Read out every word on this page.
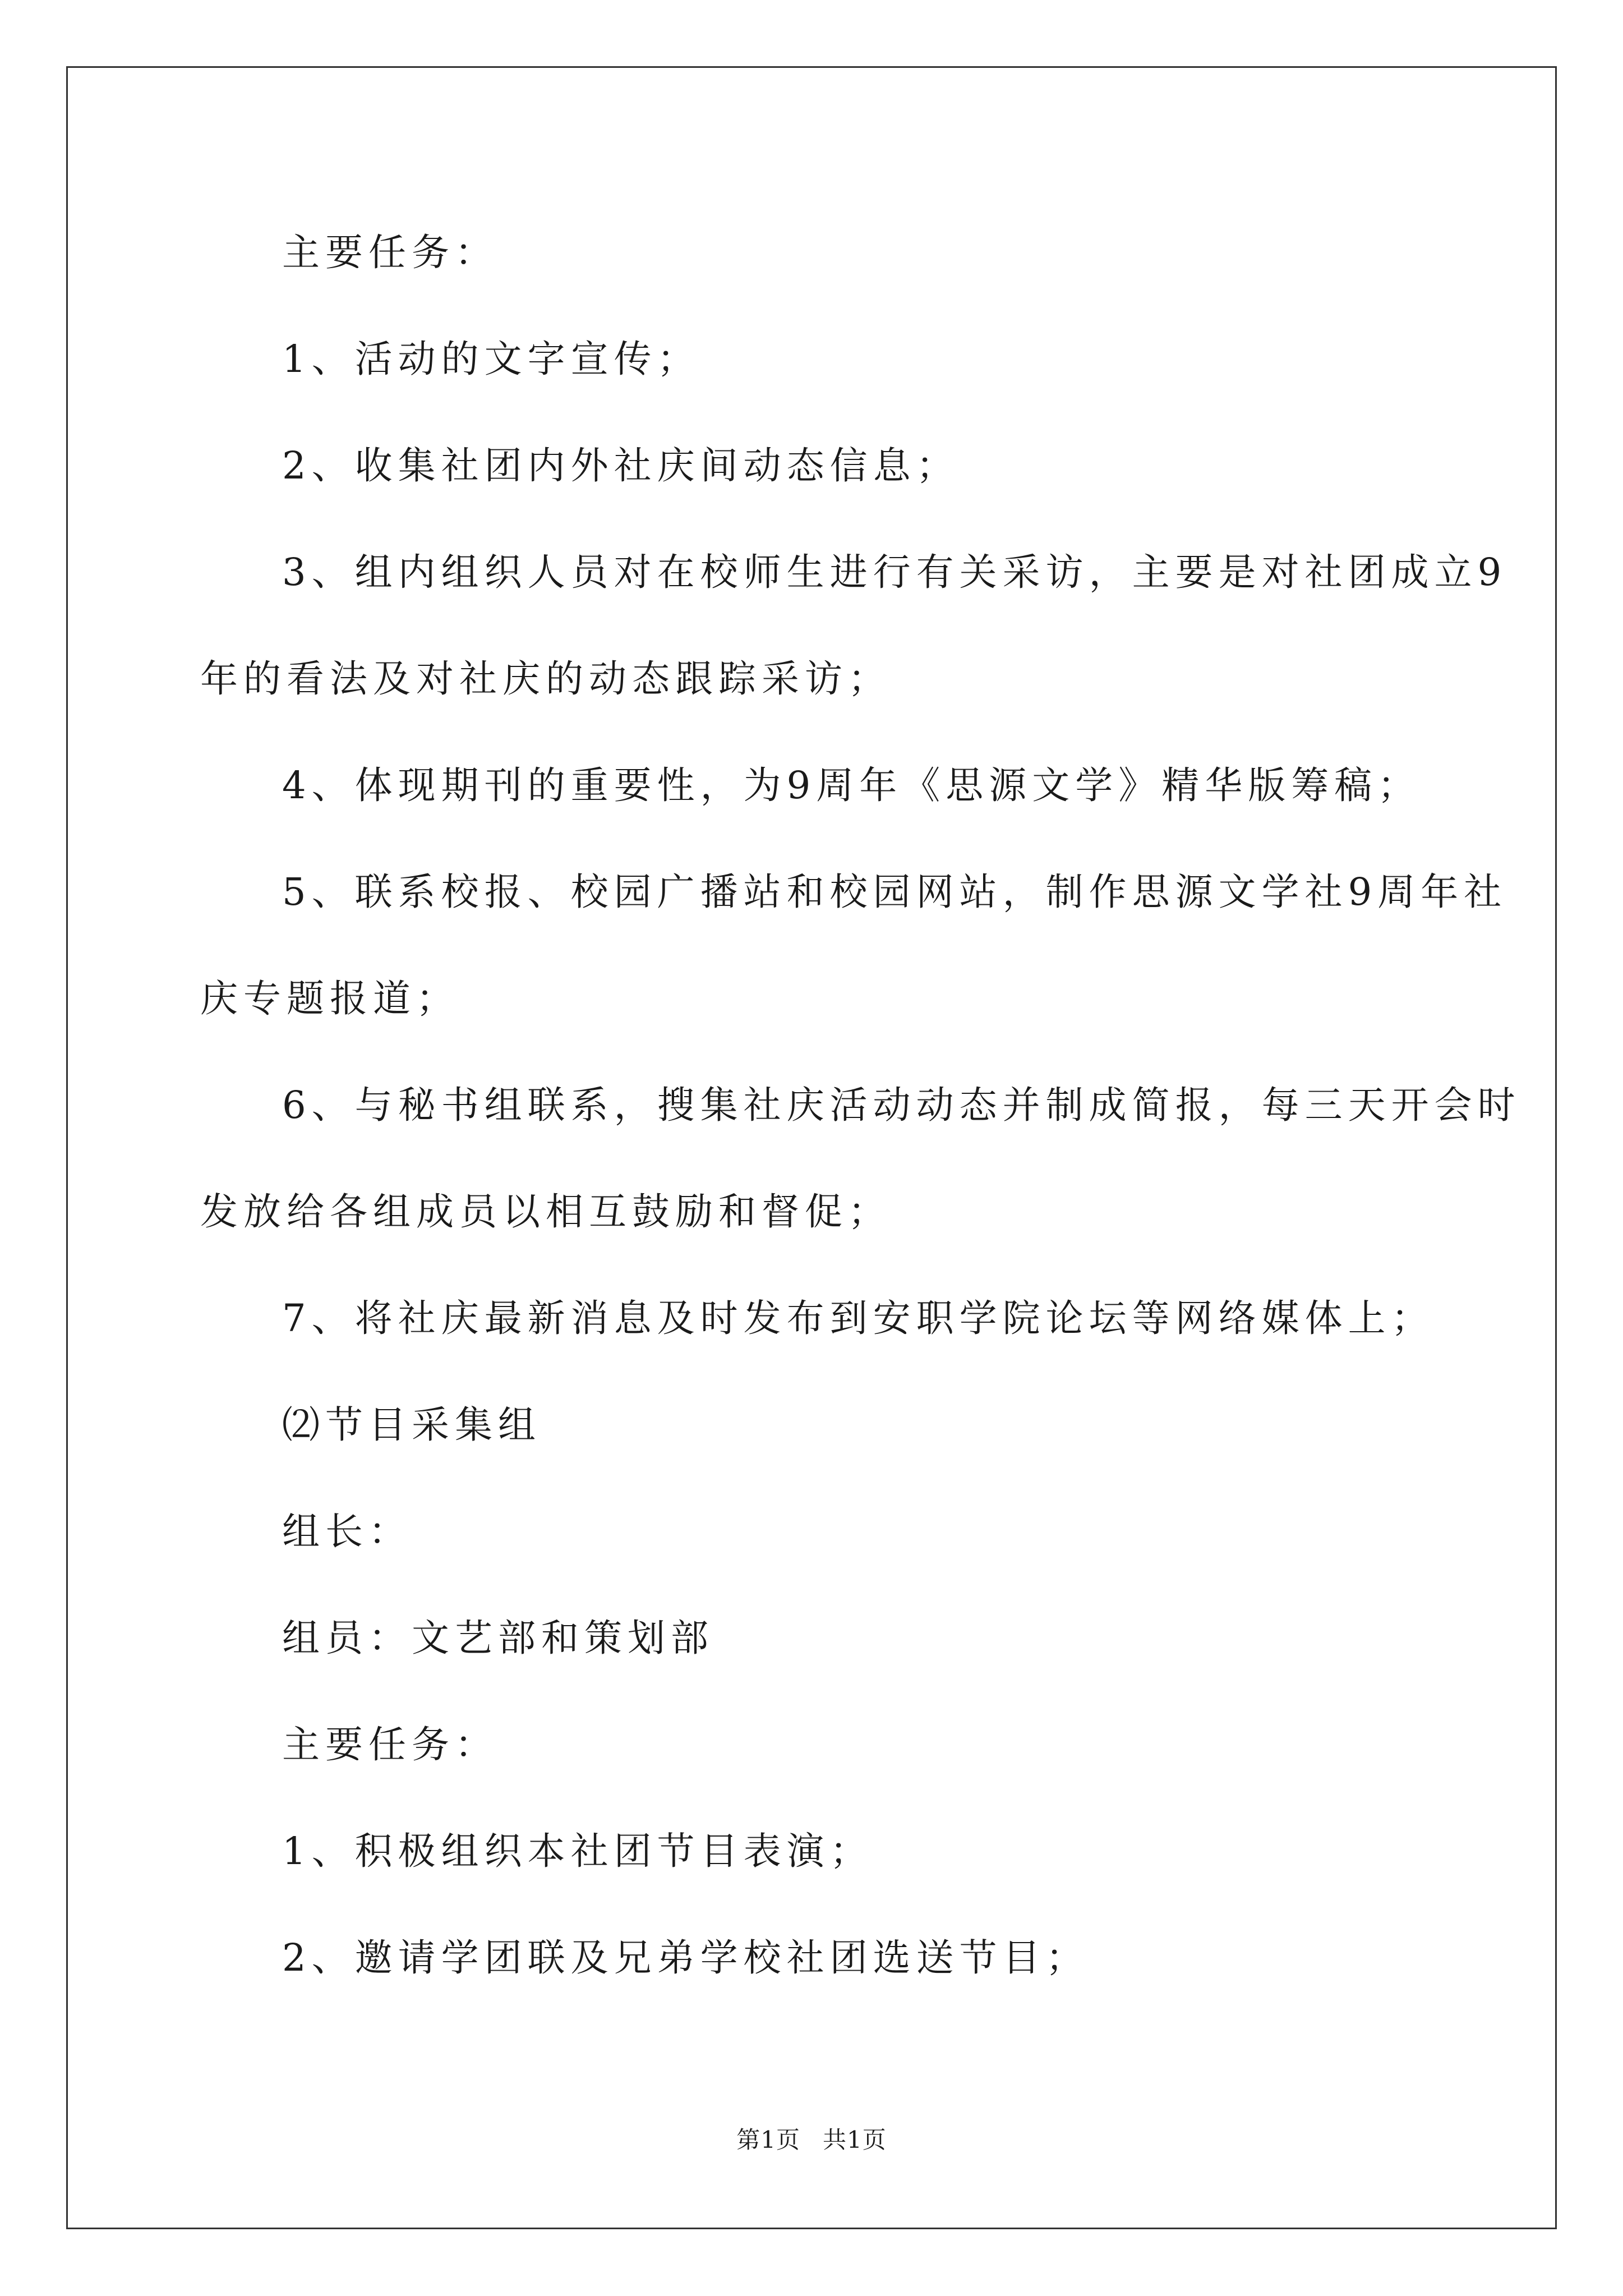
主要任务：
1、活动的文字宣传；
2、收集社团内外社庆间动态信息；
3、组内组织人员对在校师生进行有关采访，主要是对社团成立9
年的看法及对社庆的动态跟踪采访；
4、体现期刊的重要性，为9周年《思源文学》精华版筹稿；
5、联系校报、校园广播站和校园网站，制作思源文学社9周年社
庆专题报道；
6、与秘书组联系，搜集社庆活动动态并制成简报，每三天开会时
发放给各组成员以相互鼓励和督促；
7、将社庆最新消息及时发布到安职学院论坛等网络媒体上；
⑵节目采集组
组长：
组员：文艺部和策划部
主要任务：
1、积极组织本社团节目表演；
2、邀请学团联及兄弟学校社团选送节目；
第1页 共1页
